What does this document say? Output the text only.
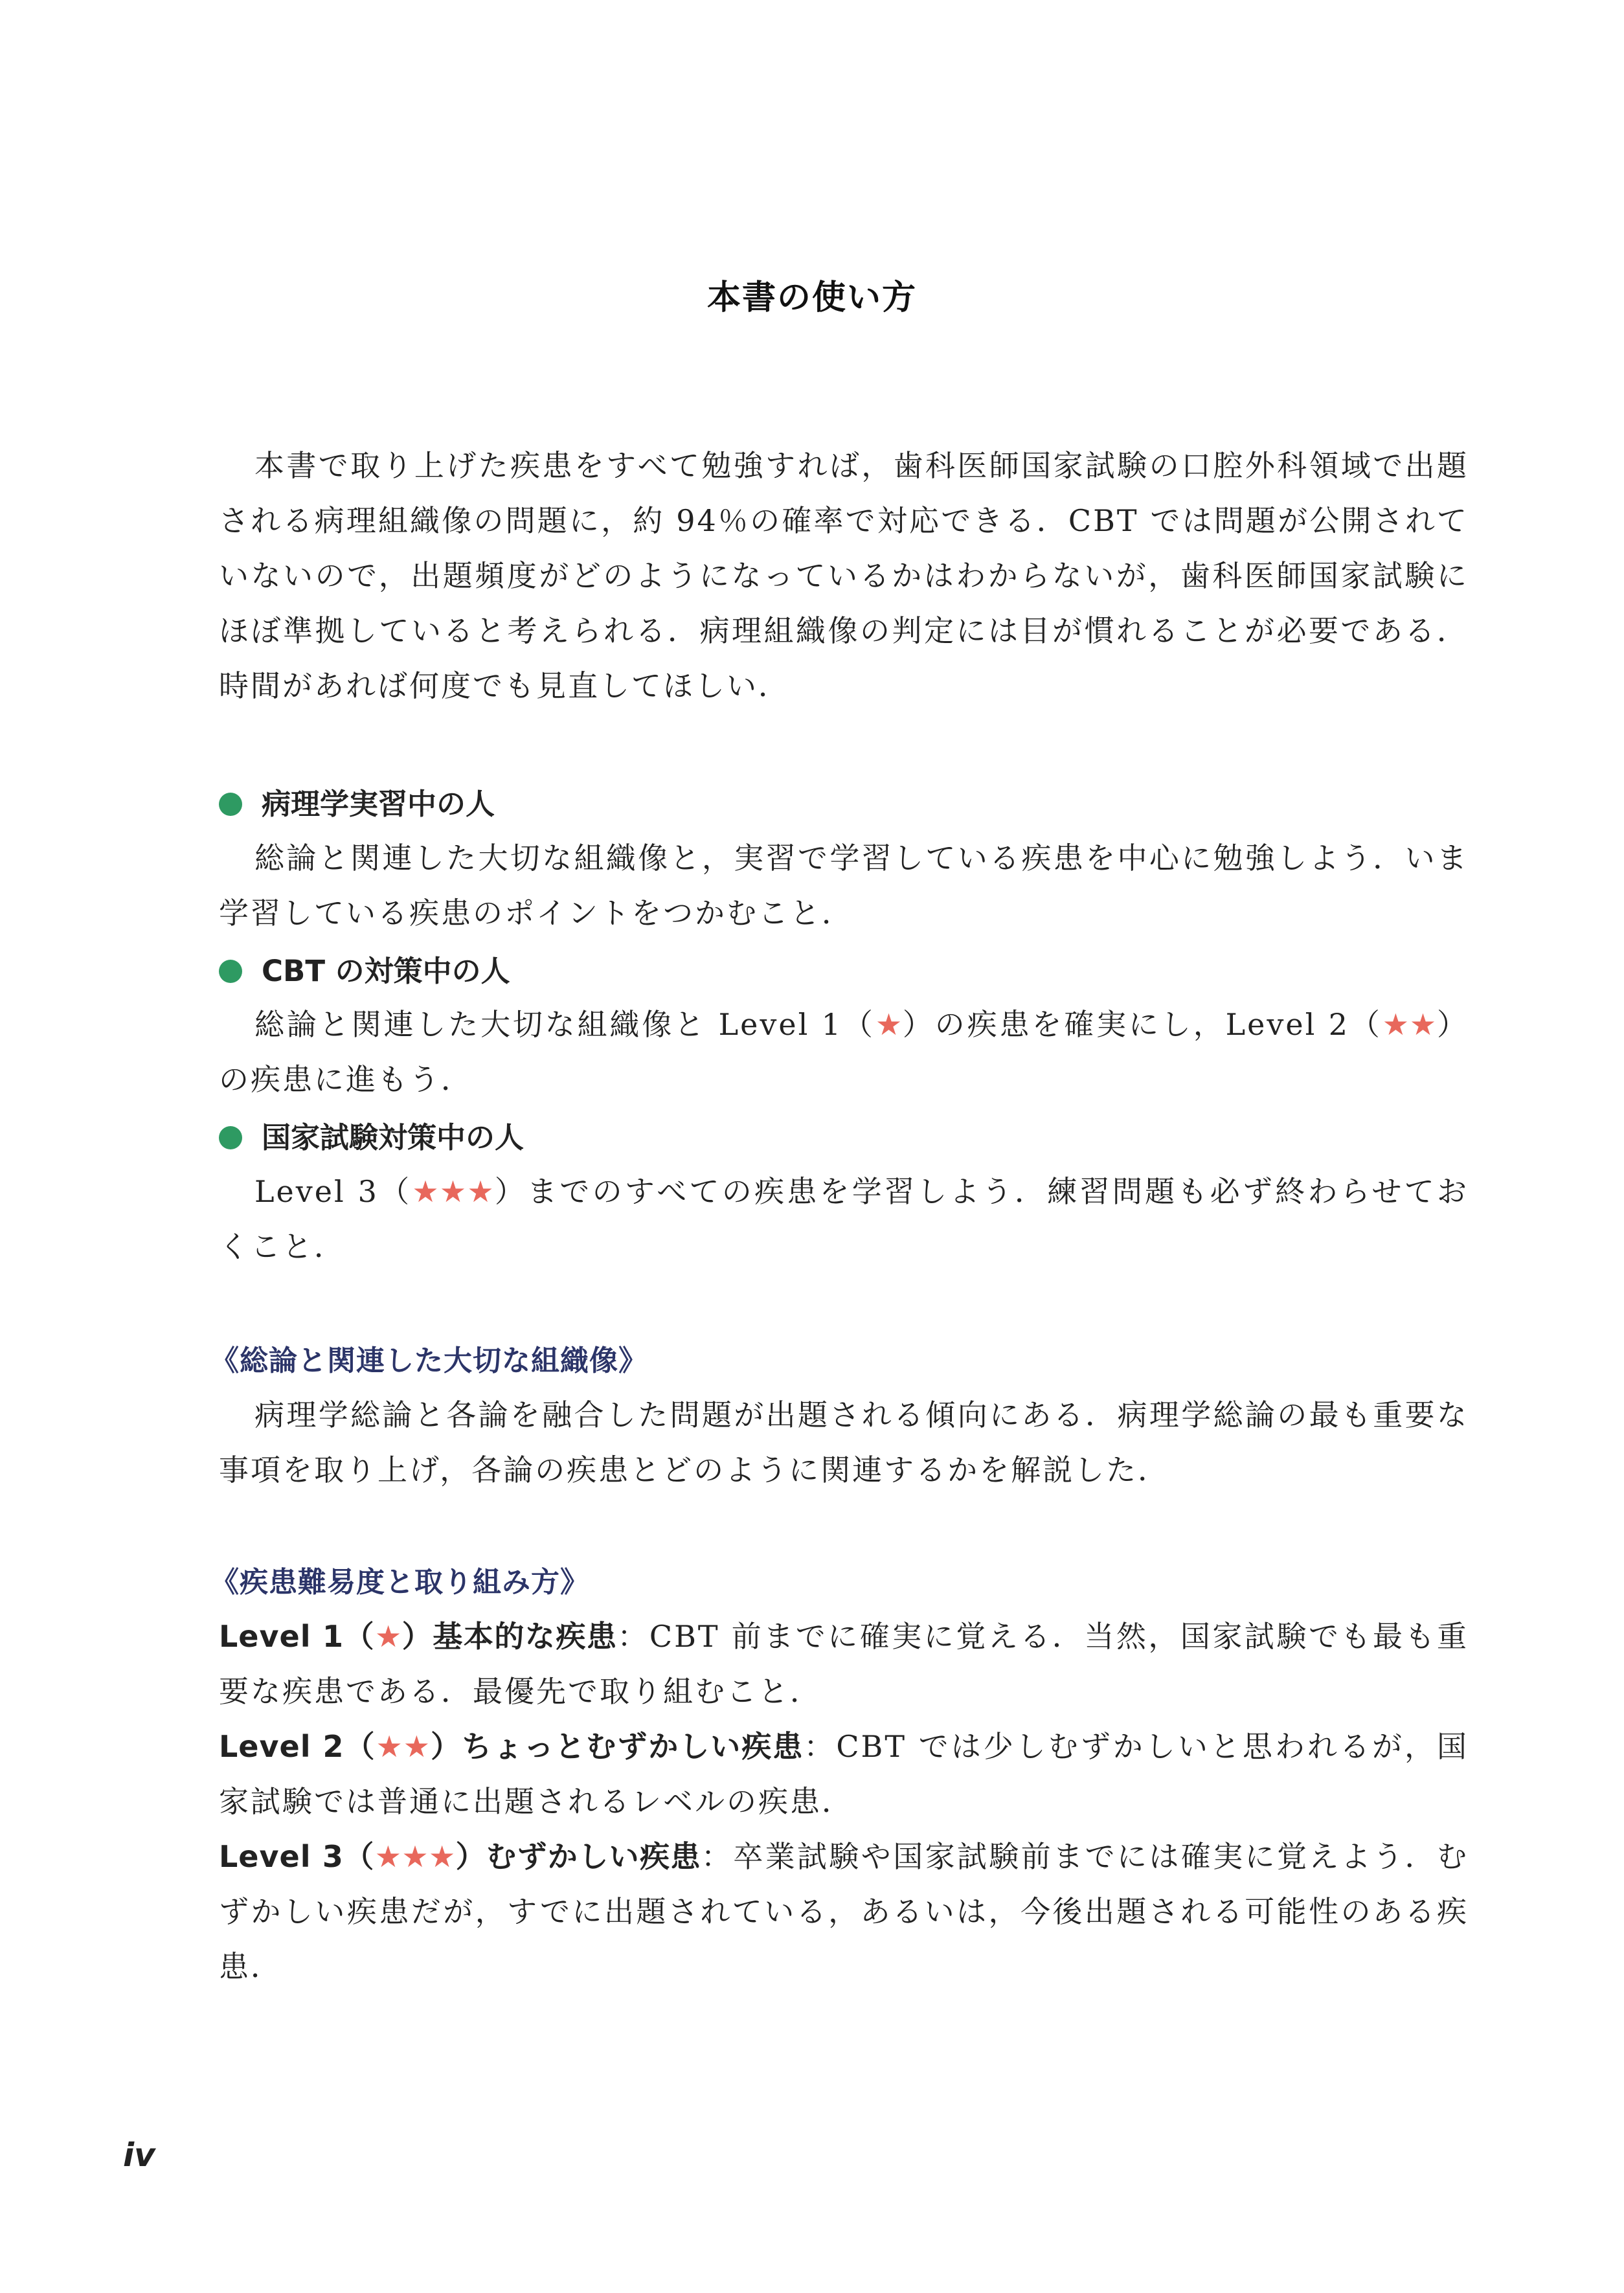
本書の使い方
本書で取り上げた疾患をすべて勉強すれば，歯科医師国家試験の口腔外科領域で出題される病理組織像の問題に，約 94％の確率で対応できる．CBT では問題が公開されていないので，出題頻度がどのようになっているかはわからないが，歯科医師国家試験にほぼ準拠していると考えられる．病理組織像の判定には目が慣れることが必要である．時間があれば何度でも見直してほしい．
病理学実習中の人
総論と関連した大切な組織像と，実習で学習している疾患を中心に勉強しよう．いま学習している疾患のポイントをつかむこと．
CBT の対策中の人
総論と関連した大切な組織像と Level 1（★）の疾患を確実にし，Level 2（★★）の疾患に進もう．
国家試験対策中の人
Level 3（★★★）までのすべての疾患を学習しよう．練習問題も必ず終わらせておくこと．
《総論と関連した大切な組織像》
病理学総論と各論を融合した問題が出題される傾向にある．病理学総論の最も重要な事項を取り上げ，各論の疾患とどのように関連するかを解説した．
《疾患難易度と取り組み方》
Level 1（★）基本的な疾患：CBT 前までに確実に覚える．当然，国家試験でも最も重要な疾患である．最優先で取り組むこと．
Level 2（★★）ちょっとむずかしい疾患：CBT では少しむずかしいと思われるが，国家試験では普通に出題されるレベルの疾患．
Level 3（★★★）むずかしい疾患：卒業試験や国家試験前までには確実に覚えよう．むずかしい疾患だが，すでに出題されている，あるいは，今後出題される可能性のある疾患．
iv
